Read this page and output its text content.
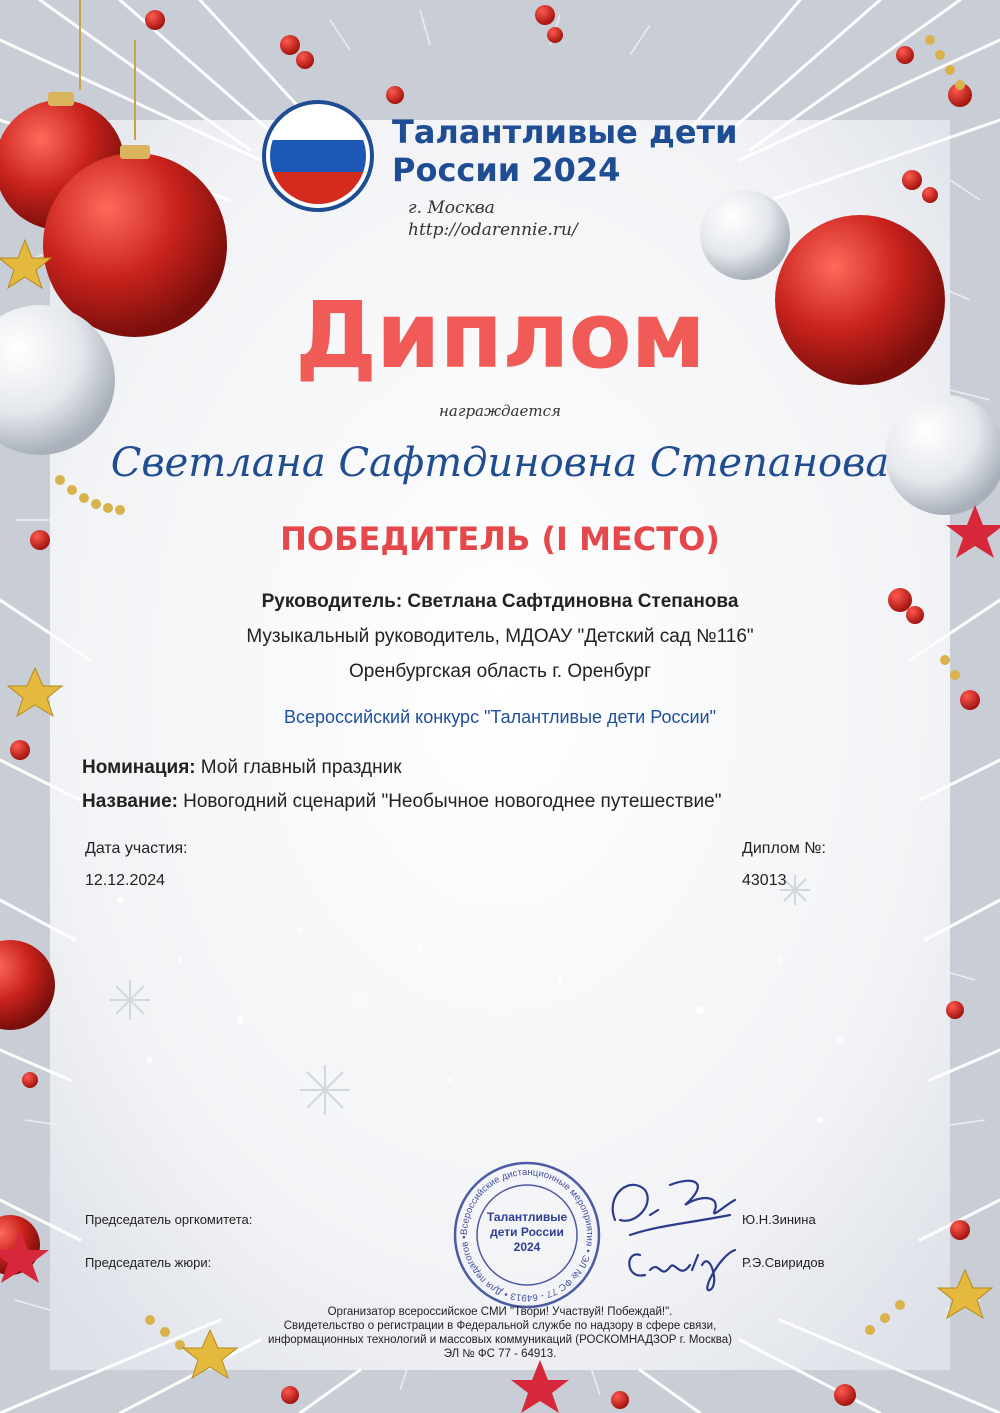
Талантливые дети
России 2024
г. Москва
http://odarennie.ru/
Диплом
награждается
Светлана Сафтдиновна Степанова
ПОБЕДИТЕЛЬ (I МЕСТО)
Руководитель: Светлана Сафтдиновна Степанова
Музыкальный руководитель, МДОАУ "Детский сад №116"
Оренбургская область г. Оренбург
Всероссийский конкурс "Талантливые дети России"
Номинация: Мой главный праздник
Название: Новогодний сценарий "Необычное новогоднее путешествие"
Дата участия:
12.12.2024
Диплом №:
43013
Председатель оргкомитета:	Ю.Н.Зинина
Председатель жюри:	Р.Э.Свиридов
Всероссийские дистанционные мероприятия • ЭЛ № ФС 77 - 64913 • Для педагогов •
Талантливые
дети России
2024
Организатор всероссийское СМИ "Твори! Участвуй! Побеждай!".
Свидетельство о регистрации в Федеральной службе по надзору в сфере связи,
информационных технологий и массовых коммуникаций (РОСКОМНАДЗОР г. Москва)
ЭЛ № ФС 77 - 64913.
